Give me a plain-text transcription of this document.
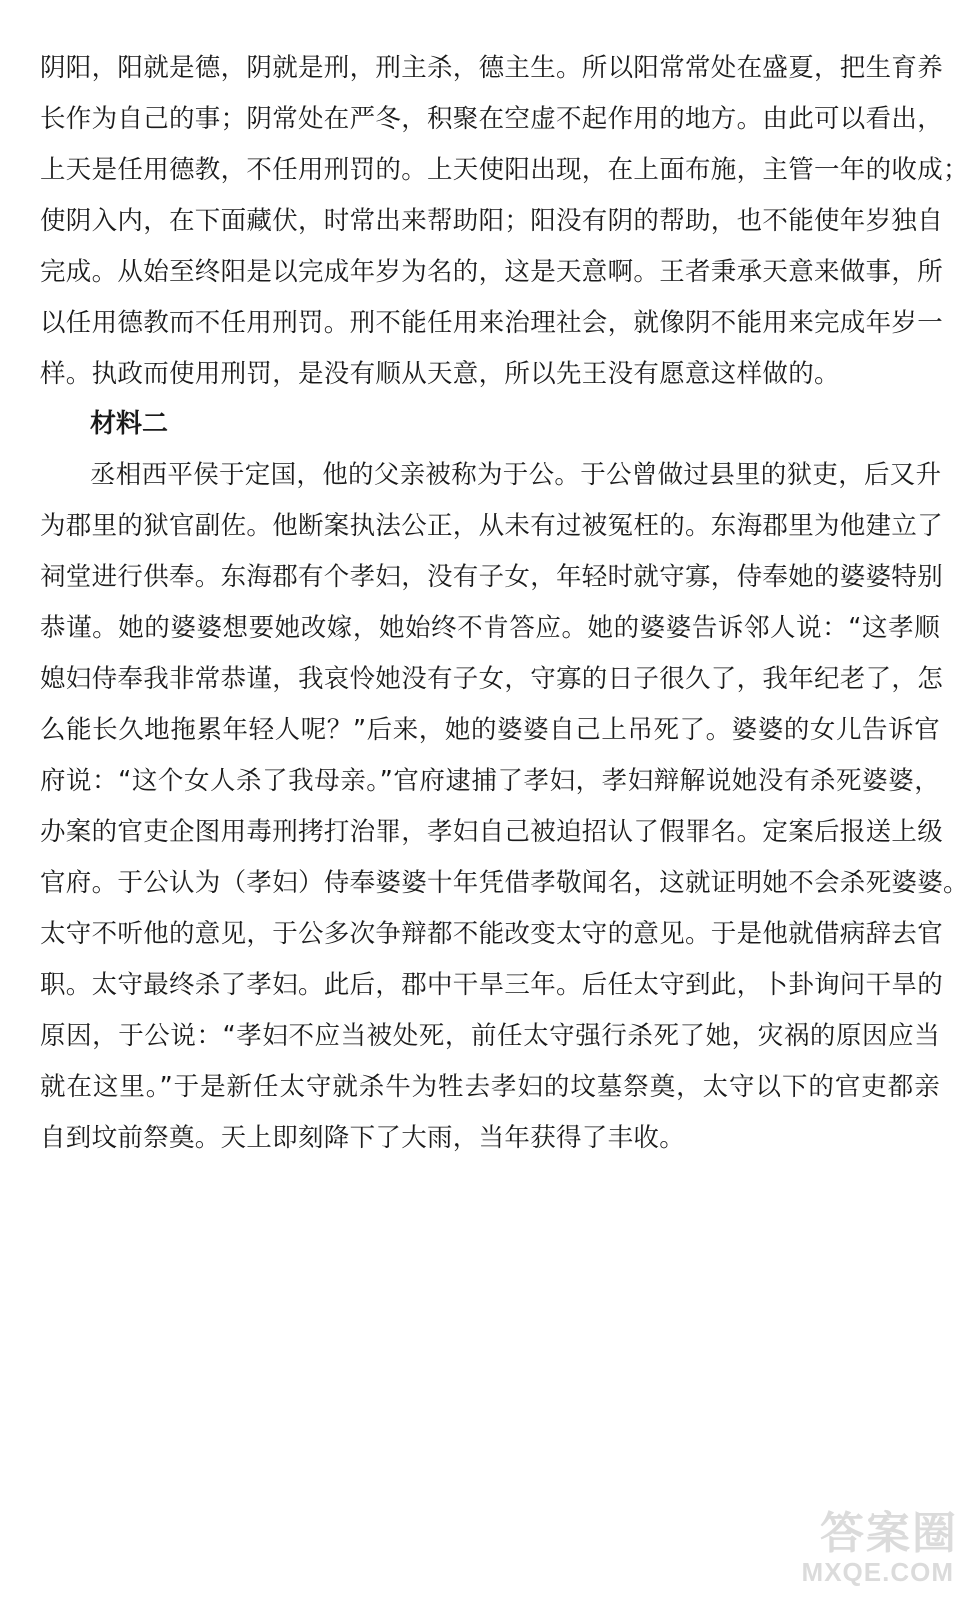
阴阳，阳就是德，阴就是刑，刑主杀，德主生。所以阳常常处在盛夏，把生育养
长作为自己的事；阴常处在严冬，积聚在空虚不起作用的地方。由此可以看出，
上天是任用德教，不任用刑罚的。上天使阳出现，在上面布施，主管一年的收成；
使阴入内，在下面藏伏，时常出来帮助阳；阳没有阴的帮助，也不能使年岁独自
完成。从始至终阳是以完成年岁为名的，这是天意啊。王者秉承天意来做事，所
以任用德教而不任用刑罚。刑不能任用来治理社会，就像阴不能用来完成年岁一
样。执政而使用刑罚，是没有顺从天意，所以先王没有愿意这样做的。
材料二
丞相西平侯于定国，他的父亲被称为于公。于公曾做过县里的狱吏，后又升
为郡里的狱官副佐。他断案执法公正，从未有过被冤枉的。东海郡里为他建立了
祠堂进行供奉。东海郡有个孝妇，没有子女，年轻时就守寡，侍奉她的婆婆特别
恭谨。她的婆婆想要她改嫁，她始终不肯答应。她的婆婆告诉邻人说：“这孝顺
媳妇侍奉我非常恭谨，我哀怜她没有子女，守寡的日子很久了，我年纪老了，怎
么能长久地拖累年轻人呢？”后来，她的婆婆自己上吊死了。婆婆的女儿告诉官
府说：“这个女人杀了我母亲。”官府逮捕了孝妇，孝妇辩解说她没有杀死婆婆，
办案的官吏企图用毒刑拷打治罪，孝妇自己被迫招认了假罪名。定案后报送上级
官府。于公认为（孝妇）侍奉婆婆十年凭借孝敬闻名，这就证明她不会杀死婆婆。
太守不听他的意见，于公多次争辩都不能改变太守的意见。于是他就借病辞去官
职。太守最终杀了孝妇。此后，郡中干旱三年。后任太守到此，卜卦询问干旱的
原因，于公说：“孝妇不应当被处死，前任太守强行杀死了她，灾祸的原因应当
就在这里。”于是新任太守就杀牛为牲去孝妇的坟墓祭奠，太守以下的官吏都亲
自到坟前祭奠。天上即刻降下了大雨，当年获得了丰收。
答案圈
MXQE.COM
